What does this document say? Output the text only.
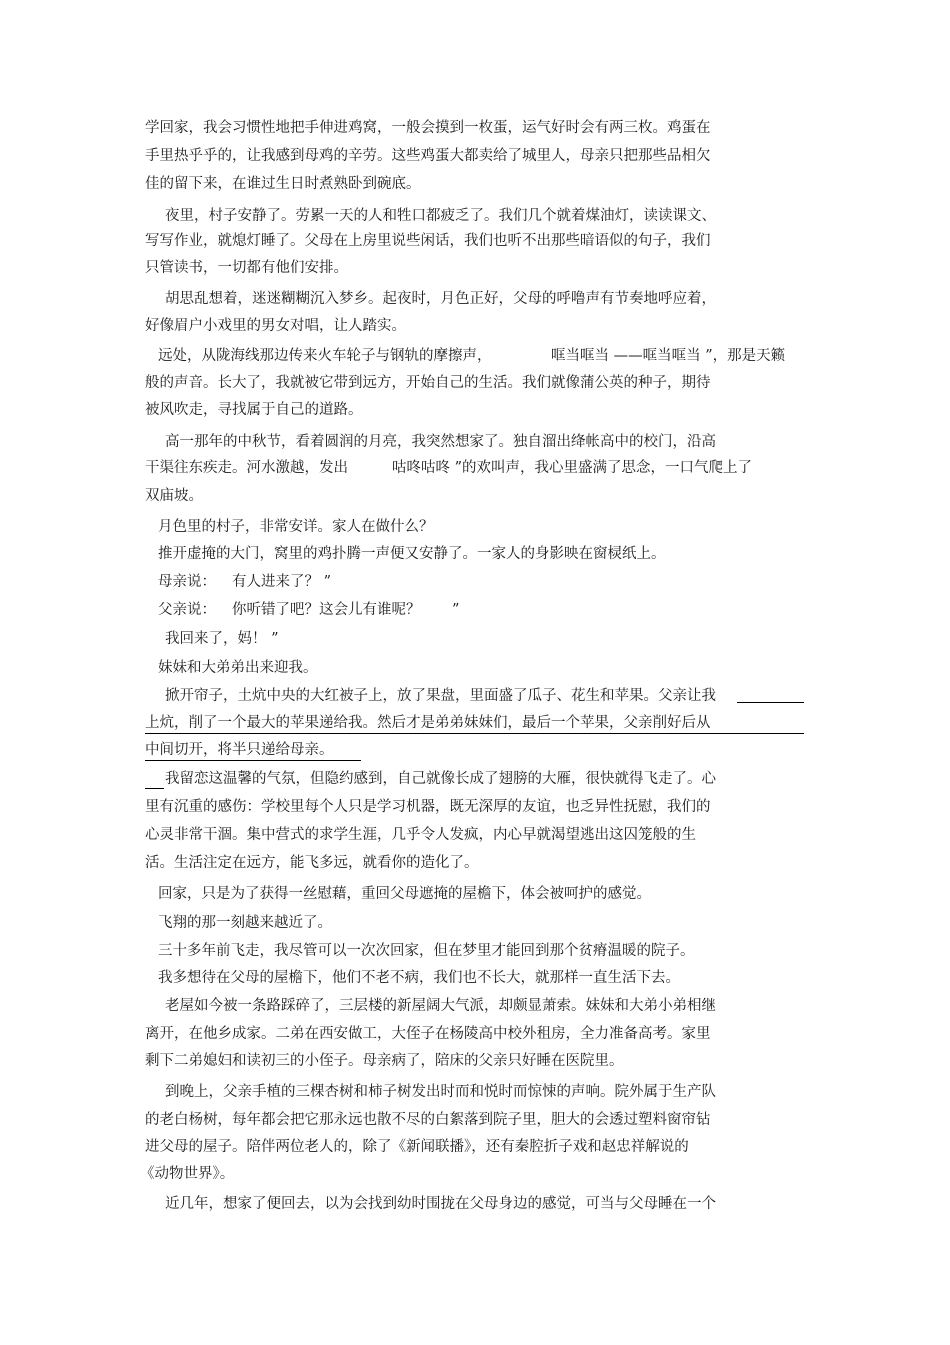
学回家，我会习惯性地把手伸进鸡窝，一般会摸到一枚蛋，运气好时会有两三枚。鸡蛋在
手里热乎乎的，让我感到母鸡的辛劳。这些鸡蛋大都卖给了城里人，母亲只把那些品相欠
佳的留下来，在谁过生日时煮熟卧到碗底。
夜里，村子安静了。劳累一天的人和牲口都疲乏了。我们几个就着煤油灯，读读课文、
写写作业，就熄灯睡了。父母在上房里说些闲话，我们也听不出那些暗语似的句子，我们
只管读书，一切都有他们安排。
胡思乱想着，迷迷糊糊沉入梦乡。起夜时，月色正好，父母的呼噜声有节奏地呼应着，
好像眉户小戏里的男女对唱，让人踏实。
远处，从陇海线那边传来火车轮子与钢轨的摩擦声，	哐当哐当 ——哐当哐当 ”，那是天籁
般的声音。长大了，我就被它带到远方，开始自己的生活。我们就像蒲公英的种子，期待
被风吹走，寻找属于自己的道路。
高一那年的中秋节，看着圆润的月亮，我突然想家了。独自溜出绛帐高中的校门，沿高
干渠往东疾走。河水激越，发出	咕咚咕咚 ”的欢叫声，我心里盛满了思念，一口气爬上了
双庙坡。
月色里的村子，非常安详。家人在做什么？
推开虚掩的大门，窝里的鸡扑腾一声便又安静了。一家人的身影映在窗棂纸上。
母亲说： 有人进来了？ ”
父亲说： 你听错了吧？这会儿有谁呢？ ”
我回来了，妈！ ”
妹妹和大弟弟出来迎我。
掀开帘子，土炕中央的大红被子上，放了果盘，里面盛了瓜子、花生和苹果。父亲让我
上炕，削了一个最大的苹果递给我。然后才是弟弟妹妹们，最后一个苹果，父亲削好后从
中间切开，将半只递给母亲。
我留恋这温馨的气氛，但隐约感到，自己就像长成了翅膀的大雁，很快就得飞走了。心
里有沉重的感伤：学校里每个人只是学习机器，既无深厚的友谊，也乏异性抚慰，我们的
心灵非常干涸。集中营式的求学生涯，几乎令人发疯，内心早就渴望逃出这囚笼般的生
活。生活注定在远方，能飞多远，就看你的造化了。
回家，只是为了获得一丝慰藉，重回父母遮掩的屋檐下，体会被呵护的感觉。
飞翔的那一刻越来越近了。
三十多年前飞走，我尽管可以一次次回家，但在梦里才能回到那个贫瘠温暖的院子。
我多想待在父母的屋檐下，他们不老不病，我们也不长大，就那样一直生活下去。
老屋如今被一条路踩碎了，三层楼的新屋阔大气派，却颇显萧索。妹妹和大弟小弟相继
离开，在他乡成家。二弟在西安做工，大侄子在杨陵高中校外租房，全力准备高考。家里
剩下二弟媳妇和读初三的小侄子。母亲病了，陪床的父亲只好睡在医院里。
到晚上，父亲手植的三棵杏树和柿子树发出时而和悦时而惊悚的声响。院外属于生产队
的老白杨树，每年都会把它那永远也散不尽的白絮落到院子里，胆大的会透过塑料窗帘钻
进父母的屋子。陪伴两位老人的，除了《新闻联播》，还有秦腔折子戏和赵忠祥解说的
《动物世界》。
近几年，想家了便回去，以为会找到幼时围拢在父母身边的感觉，可当与父母睡在一个
